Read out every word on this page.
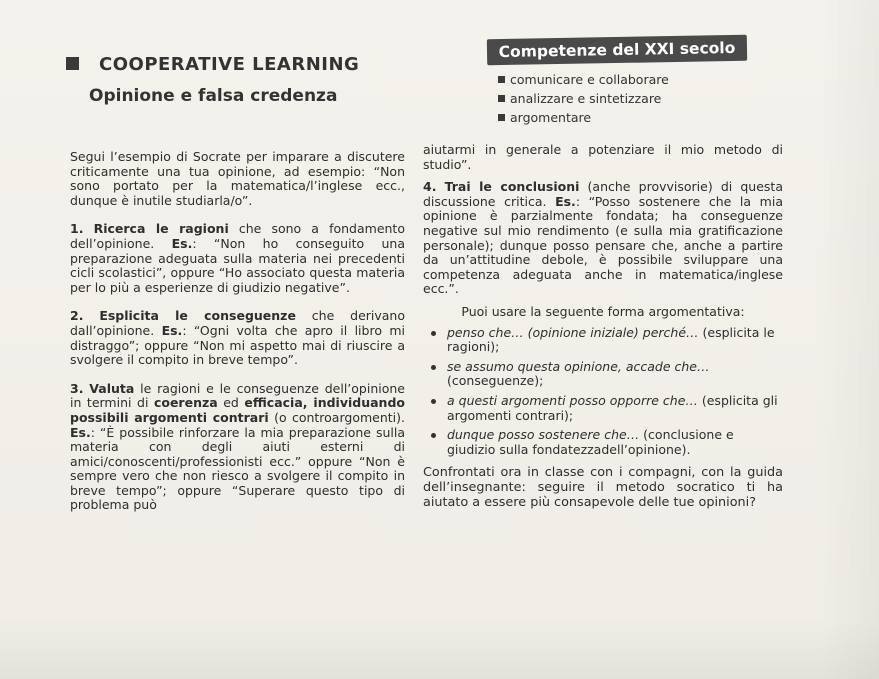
COOPERATIVE LEARNING
Opinione e falsa credenza
Competenze del XXI secolo
comunicare e collaborare
analizzare e sintetizzare
argomentare

Segui l’esempio di Socrate per imparare a discutere criticamente una tua opinione, ad esempio: “Non sono portato per la matematica/l’inglese ecc., dunque è inutile studiarla/o”.

1. Ricerca le ragioni che sono a fondamento dell’opinione. Es.: “Non ho conseguito una preparazione adeguata sulla materia nei precedenti cicli scolastici”, oppure “Ho associato questa materia per lo più a esperienze di giudizio negative”.

2. Esplicita le conseguenze che derivano dall’opinione. Es.: “Ogni volta che apro il libro mi distraggo”; oppure “Non mi aspetto mai di riuscire a svolgere il compito in breve tempo”.

3. Valuta le ragioni e le conseguenze dell’opinione in termini di coerenza ed efficacia, individuando possibili argomenti contrari (o controargomenti). Es.: “È possibile rinforzare la mia preparazione sulla materia con degli aiuti esterni di amici/conoscenti/professionisti ecc.” oppure “Non è sempre vero che non riesco a svolgere il compito in breve tempo”; oppure “Superare questo tipo di problema può

aiutarmi in generale a potenziare il mio metodo di studio”.

4. Trai le conclusioni (anche provvisorie) di questa discussione critica. Es.: “Posso sostenere che la mia opinione è parzialmente fondata; ha conseguenze negative sul mio rendimento (e sulla mia gratificazione personale); dunque posso pensare che, anche a partire da un’attitudine debole, è possibile sviluppare una competenza adeguata anche in matematica/inglese ecc.”.

Puoi usare la seguente forma argomentativa:

penso che… (opinione iniziale) perché… (esplicita le ragioni);
se assumo questa opinione, accade che… (conseguenze);
a questi argomenti posso opporre che… (esplicita gli argomenti contrari);
dunque posso sostenere che… (conclusione e giudizio sulla fondatezzadell’opinione).

Confrontati ora in classe con i compagni, con la guida dell’insegnante: seguire il metodo socratico ti ha aiutato a essere più consapevole delle tue opinioni?
